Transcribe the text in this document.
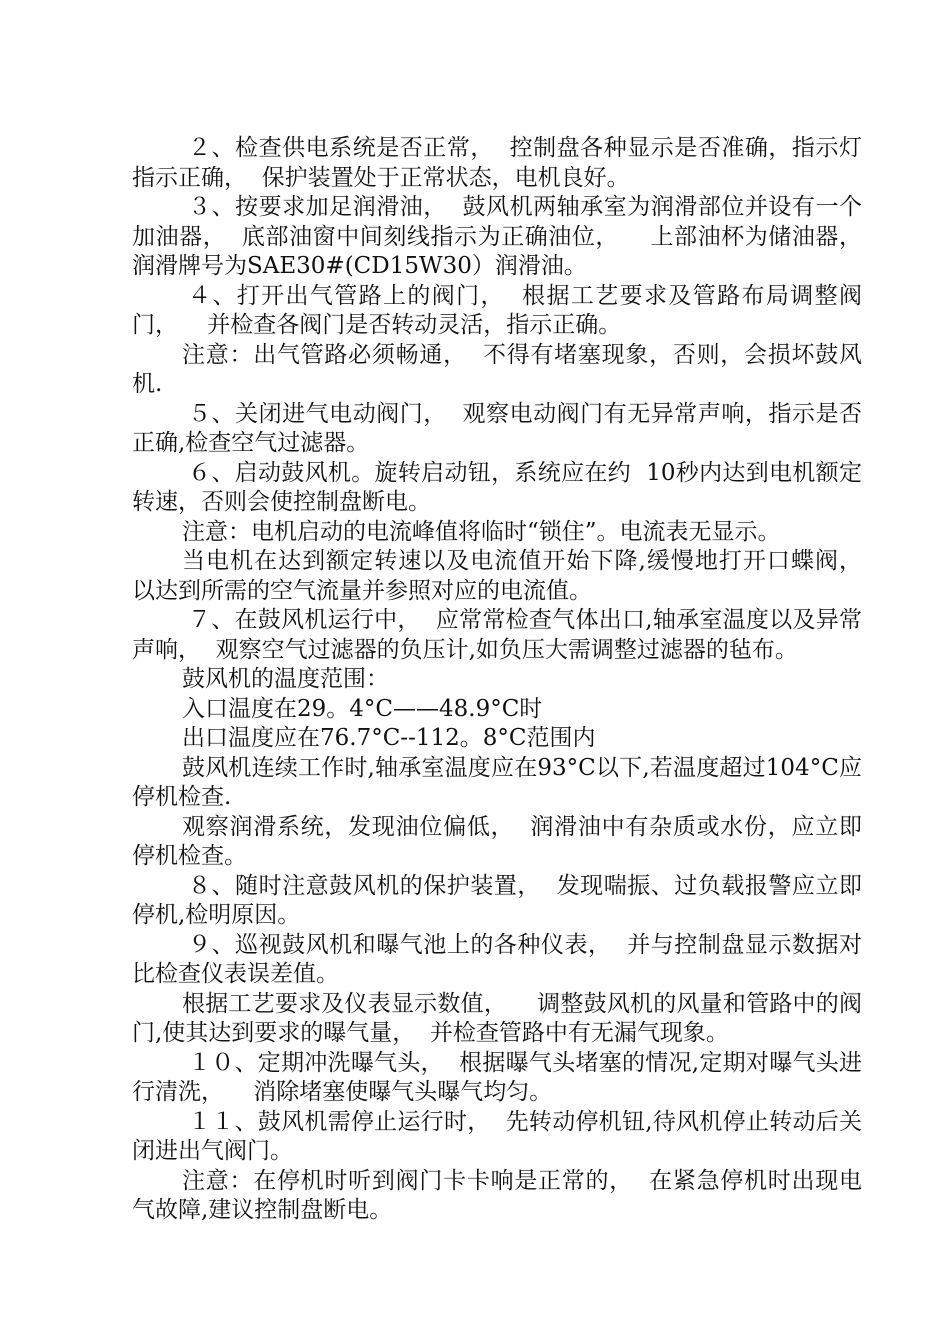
２、检查供电系统是否正常，  控制盘各种显示是否准确，指示灯指示正确，  保护装置处于正常状态，电机良好。

３、按要求加足润滑油，  鼓风机两轴承室为润滑部位并设有一个加油器，  底部油窗中间刻线指示为正确油位，    上部油杯为储油器，    润滑牌号为SAE30#(CD15W30）润滑油。

４、打开出气管路上的阀门，  根据工艺要求及管路布局调整阀门，    并检查各阀门是否转动灵活，指示正确。

注意：出气管路必须畅通，  不得有堵塞现象，否则，会损坏鼓风机.

５、关闭进气电动阀门，  观察电动阀门有无异常声响，指示是否正确,检查空气过滤器。

６、启动鼓风机。旋转启动钮，系统应在约  10秒内达到电机额定转速，否则会使控制盘断电。

注意：电机启动的电流峰值将临时“锁住”。电流表无显示。

当电机在达到额定转速以及电流值开始下降,缓慢地打开口蝶阀，  以达到所需的空气流量并参照对应的电流值。

７、在鼓风机运行中，  应常常检查气体出口,轴承室温度以及异常声响，  观察空气过滤器的负压计,如负压大需调整过滤器的毡布。

鼓风机的温度范围：

入口温度在29。4°C——48.9°C时

出口温度应在76.7°C--112。8°C范围内

鼓风机连续工作时,轴承室温度应在93°C以下,若温度超过104°C应停机检查.

观察润滑系统，发现油位偏低，  润滑油中有杂质或水份，应立即停机检查。

８、随时注意鼓风机的保护装置，  发现喘振、过负载报警应立即停机,检明原因。

９、巡视鼓风机和曝气池上的各种仪表，  并与控制盘显示数据对比检查仪表误差值。

根据工艺要求及仪表显示数值，    调整鼓风机的风量和管路中的阀门,使其达到要求的曝气量，  并检查管路中有无漏气现象。

１０、定期冲洗曝气头，  根据曝气头堵塞的情况,定期对曝气头进行清洗，    消除堵塞使曝气头曝气均匀。

１１、鼓风机需停止运行时，  先转动停机钮,待风机停止转动后关闭进出气阀门。

注意：在停机时听到阀门卡卡响是正常的，  在紧急停机时出现电气故障,建议控制盘断电。
